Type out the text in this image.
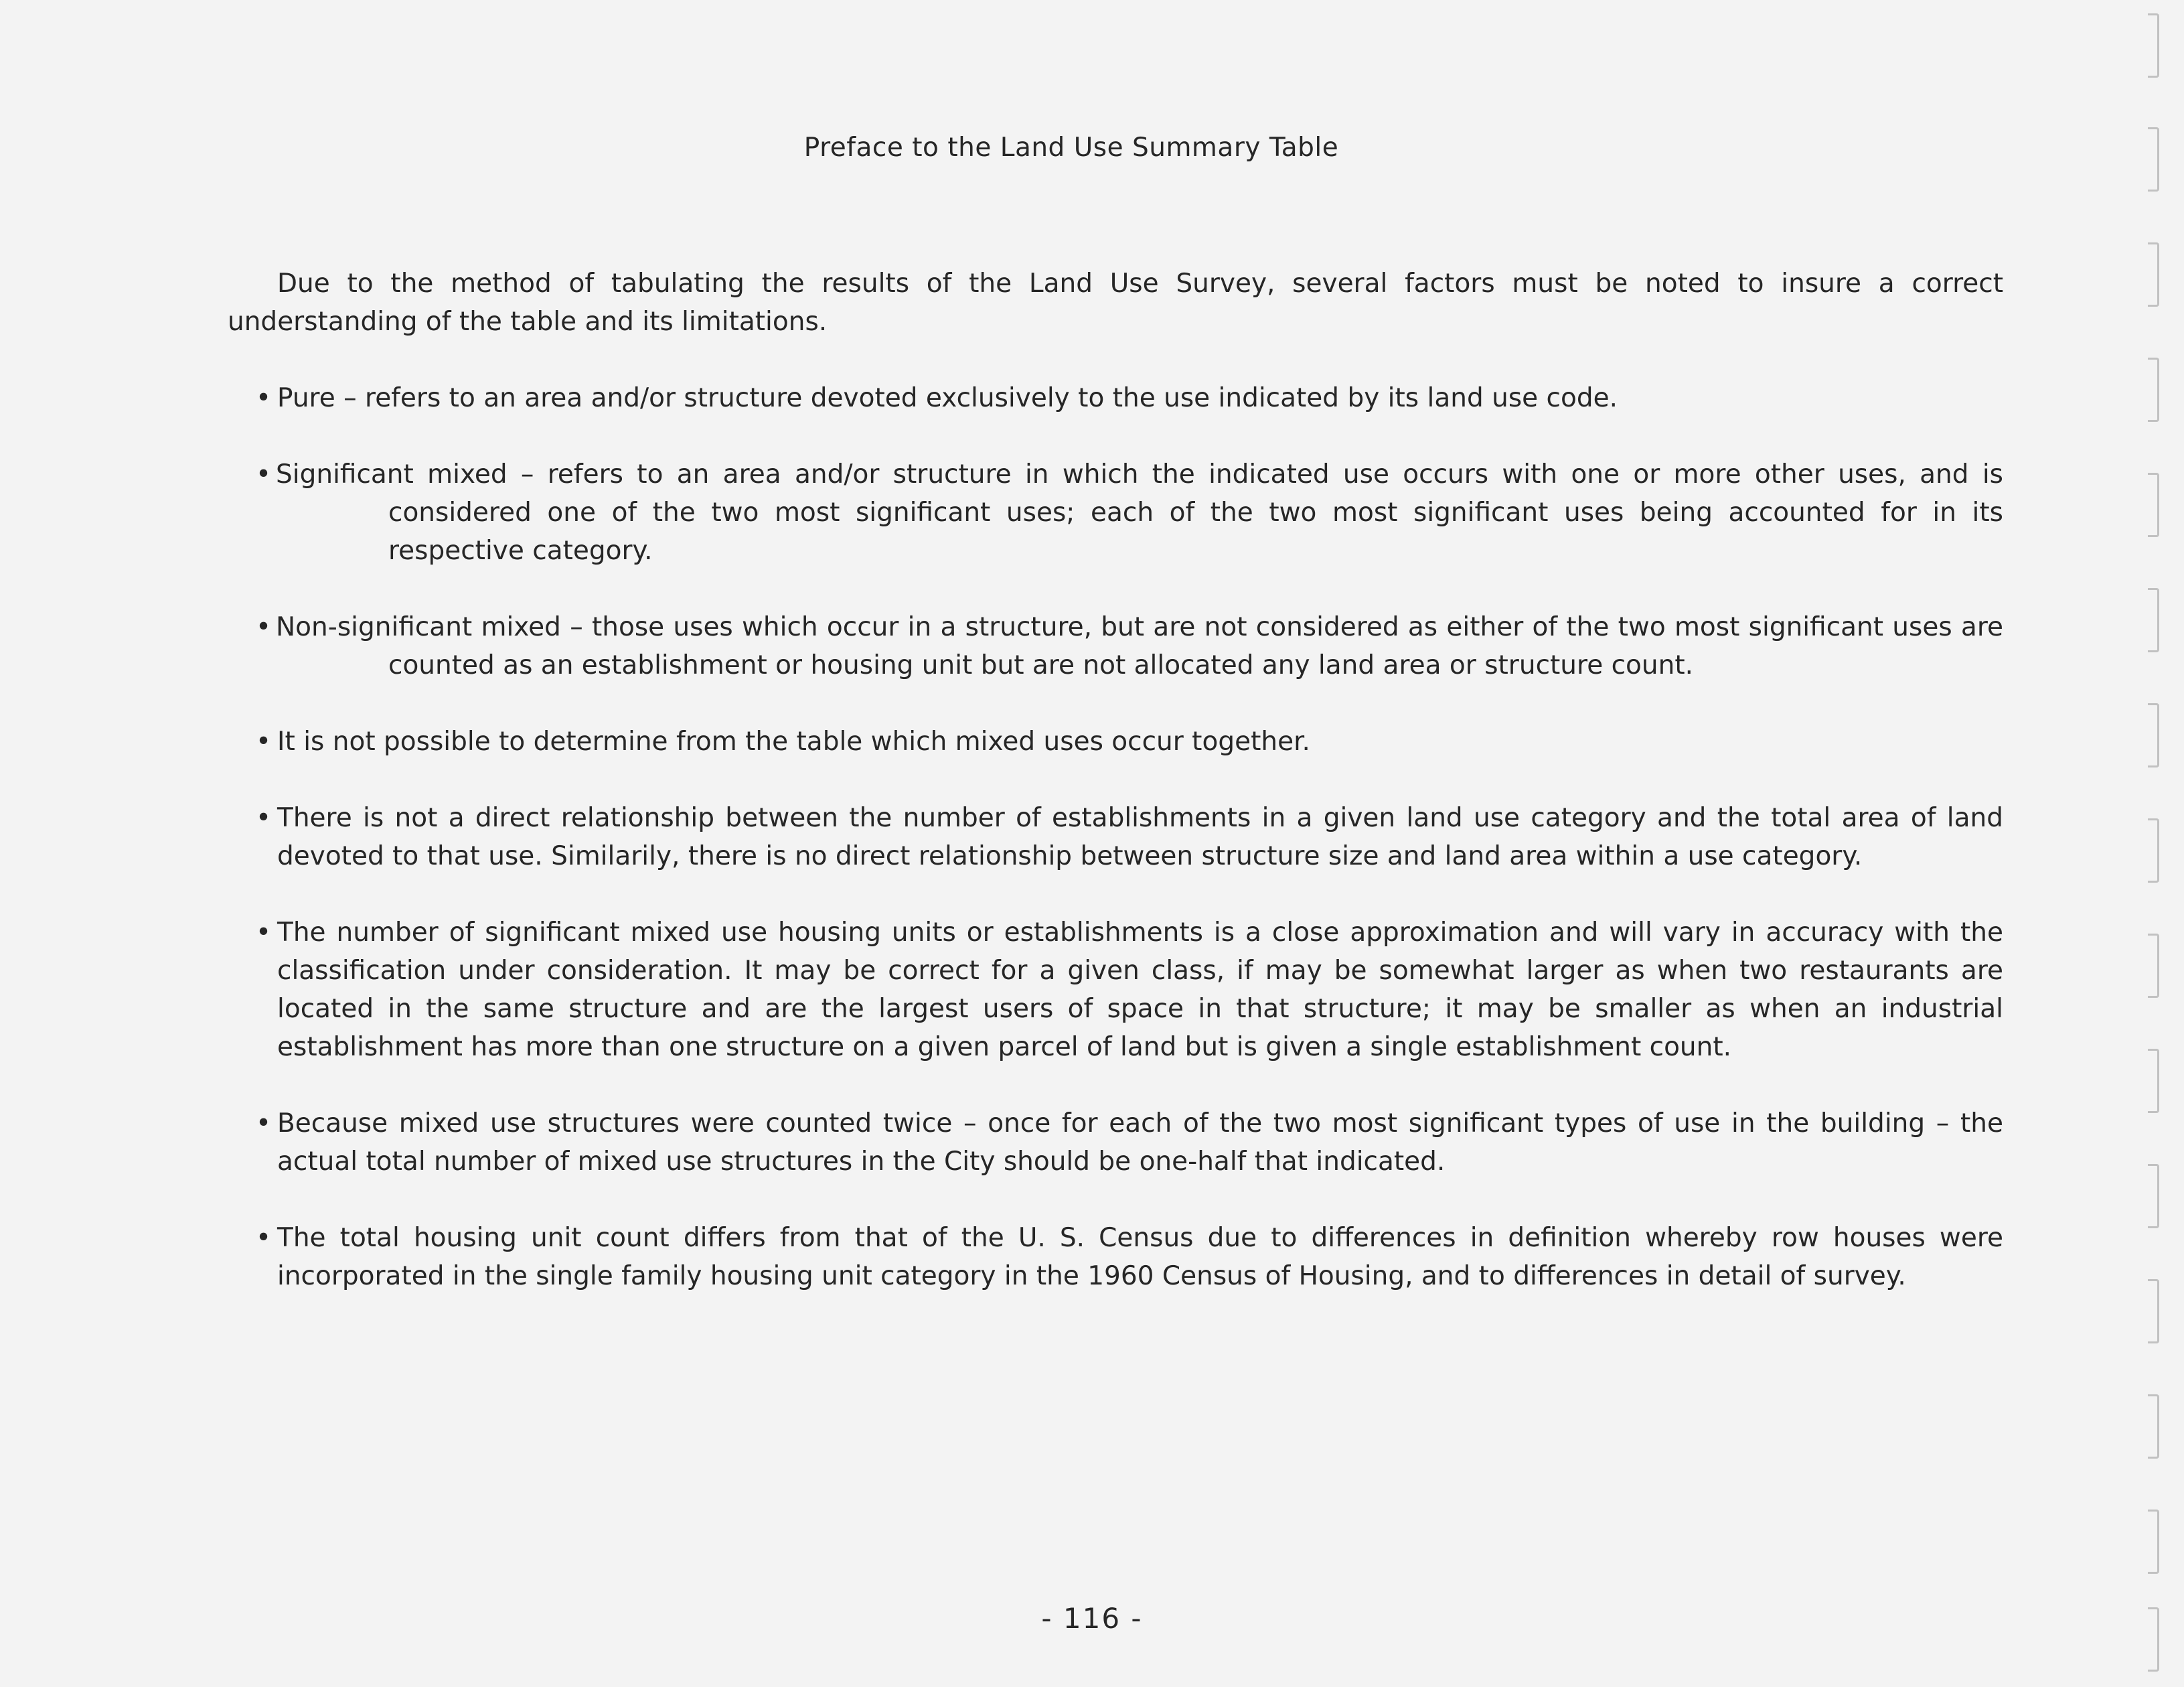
Preface to the Land Use Summary Table

Due to the method of tabulating the results of the Land Use Survey, several factors must be noted to insure a correct understanding of the table and its limitations.

• Pure – refers to an area and/or structure devoted exclusively to the use indicated by its land use code.
• Significant mixed – refers to an area and/or structure in which the indicated use occurs with one or more other uses, and is considered one of the two most significant uses; each of the two most significant uses being accounted for in its respective category.
• Non-significant mixed – those uses which occur in a structure, but are not considered as either of the two most significant uses are counted as an establishment or housing unit but are not allocated any land area or structure count.
• It is not possible to determine from the table which mixed uses occur together.
• There is not a direct relationship between the number of establishments in a given land use category and the total area of land devoted to that use. Similarily, there is no direct relationship between structure size and land area within a use category.
• The number of significant mixed use housing units or establishments is a close approximation and will vary in accuracy with the classification under consideration. It may be correct for a given class, if may be somewhat larger as when two restaurants are located in the same structure and are the largest users of space in that structure; it may be smaller as when an industrial establishment has more than one structure on a given parcel of land but is given a single establishment count.
• Because mixed use structures were counted twice – once for each of the two most significant types of use in the building – the actual total number of mixed use structures in the City should be one-half that indicated.
• The total housing unit count differs from that of the U. S. Census due to differences in definition whereby row houses were incorporated in the single family housing unit category in the 1960 Census of Housing, and to differences in detail of survey.
- 116 -
